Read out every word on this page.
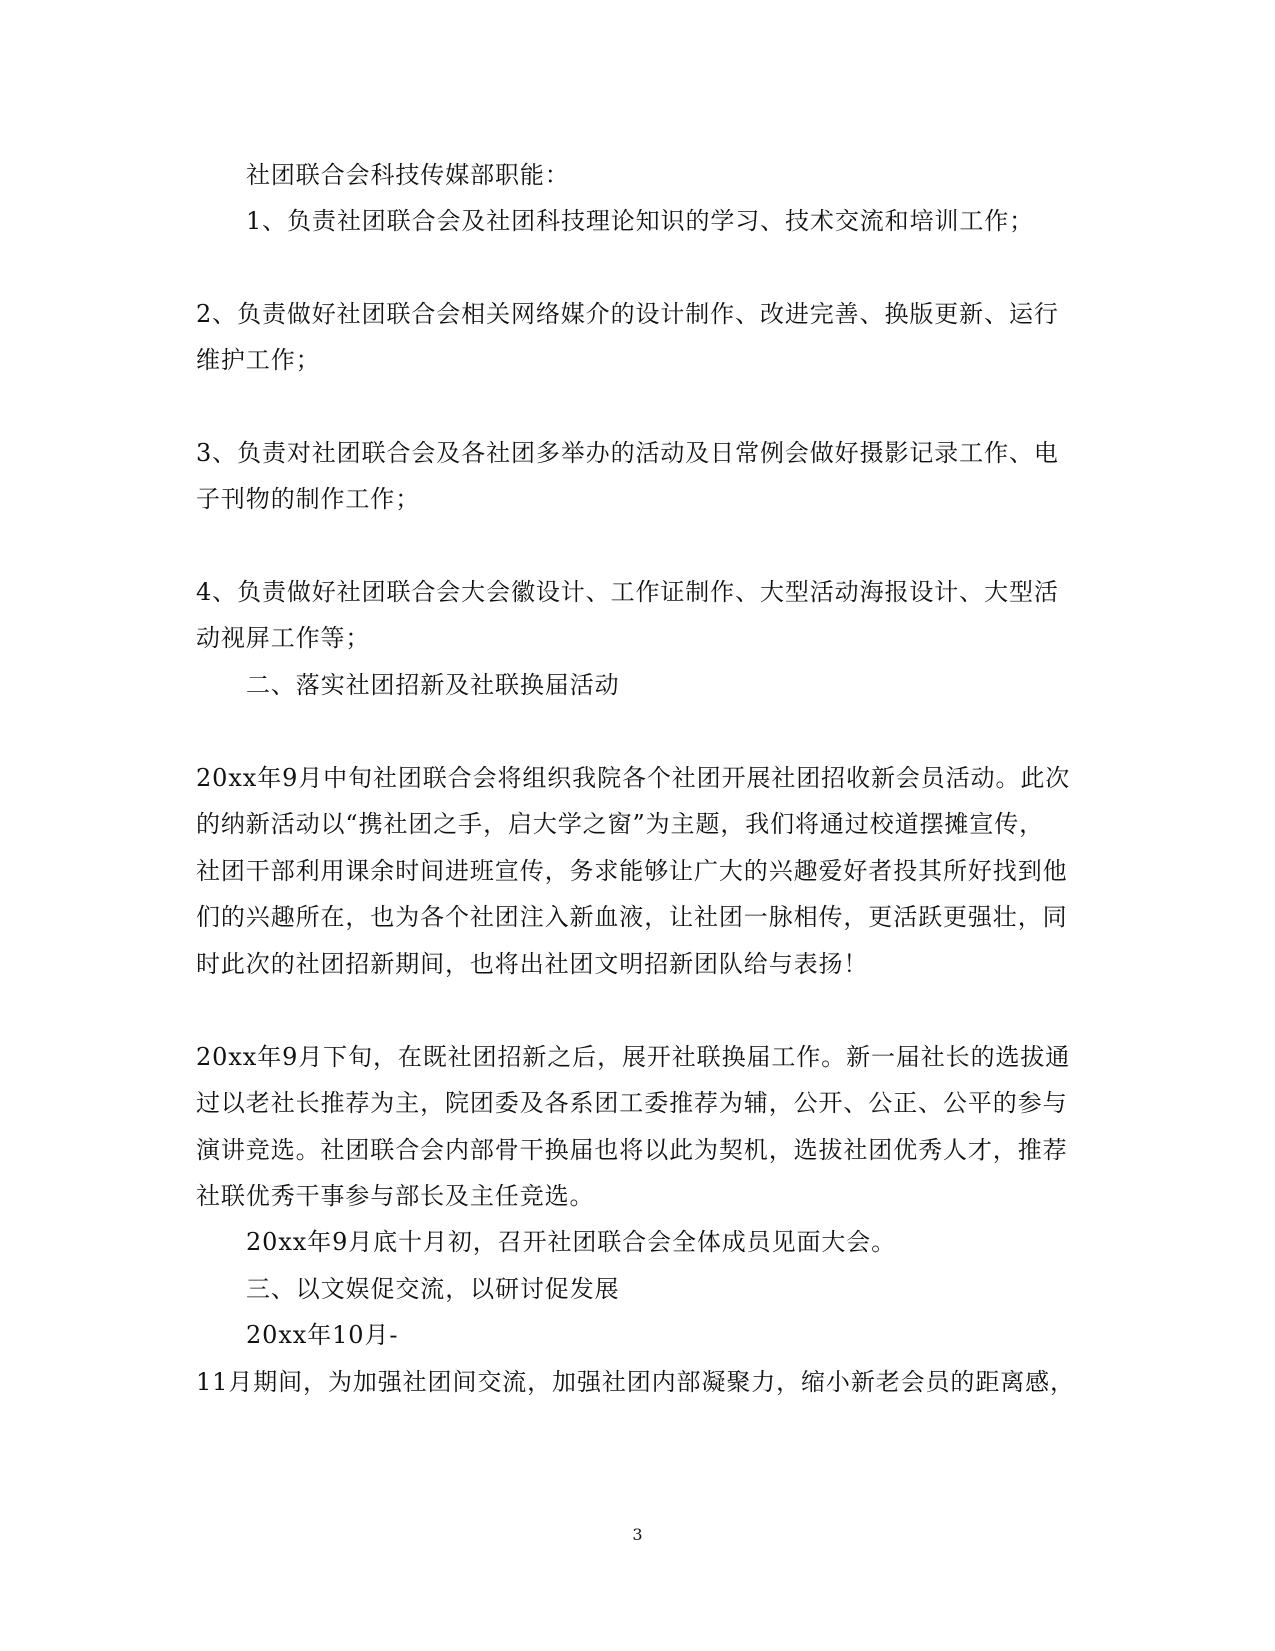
社团联合会科技传媒部职能：
1、负责社团联合会及社团科技理论知识的学习、技术交流和培训工作；
2、负责做好社团联合会相关网络媒介的设计制作、改进完善、换版更新、运行
维护工作；
3、负责对社团联合会及各社团多举办的活动及日常例会做好摄影记录工作、电
子刊物的制作工作；
4、负责做好社团联合会大会徽设计、工作证制作、大型活动海报设计、大型活
动视屏工作等；
二、落实社团招新及社联换届活动
20xx年9月中旬社团联合会将组织我院各个社团开展社团招收新会员活动。此次
的纳新活动以“携社团之手，启大学之窗”为主题，我们将通过校道摆摊宣传，
社团干部利用课余时间进班宣传，务求能够让广大的兴趣爱好者投其所好找到他
们的兴趣所在，也为各个社团注入新血液，让社团一脉相传，更活跃更强壮，同
时此次的社团招新期间，也将出社团文明招新团队给与表扬！
20xx年9月下旬，在既社团招新之后，展开社联换届工作。新一届社长的选拔通
过以老社长推荐为主，院团委及各系团工委推荐为辅，公开、公正、公平的参与
演讲竞选。社团联合会内部骨干换届也将以此为契机，选拔社团优秀人才，推荐
社联优秀干事参与部长及主任竞选。
20xx年9月底十月初，召开社团联合会全体成员见面大会。
三、以文娱促交流，以研讨促发展
20xx年10月-
11月期间，为加强社团间交流，加强社团内部凝聚力，缩小新老会员的距离感，
3
